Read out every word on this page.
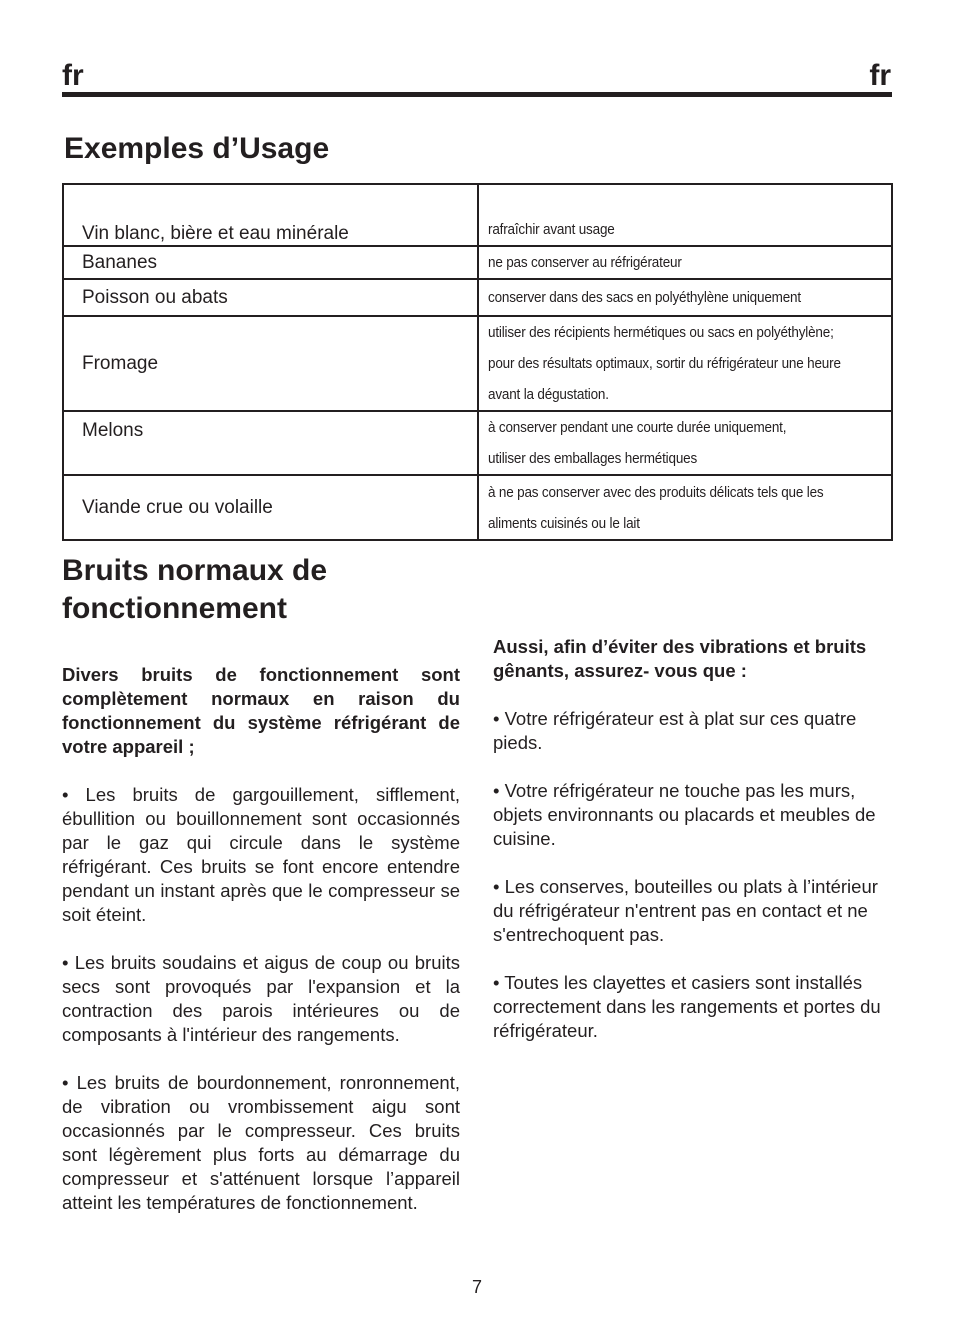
fr	fr
Exemples d’Usage
Vin blanc, bière et eau minérale	rafraîchir avant usage
Bananes	ne pas conserver au réfrigérateur
Poisson ou abats	conserver dans des sacs en polyéthylène uniquement
Fromage	utiliser des récipients hermétiques ou sacs en polyéthylène;
pour des résultats optimaux, sortir du réfrigérateur une heure
avant la dégustation.
Melons	à conserver pendant une courte durée uniquement,
utiliser des emballages hermétiques
Viande crue ou volaille	à ne pas conserver avec des produits délicats tels que les
aliments cuisinés ou le lait
Bruits normaux de fonctionnement

Divers bruits de fonctionnement sont complètement normaux en raison du fonctionnement du système réfrigérant de votre appareil ;

• Les bruits de gargouillement, sifflement, ébullition ou bouillonnement sont occasionnés par le gaz qui circule dans le système réfrigérant. Ces bruits se font encore entendre pendant un instant après que le compresseur se soit éteint.

• Les bruits soudains et aigus de coup ou bruits secs sont provoqués par l'expansion et la contraction des parois intérieures ou de composants à l'intérieur des rangements.

• Les bruits de bourdonnement, ronronnement, de vibration ou vrombissement aigu sont occasionnés par le compresseur. Ces bruits sont légèrement plus forts au démarrage du compresseur et s'atténuent lorsque l’appareil atteint les températures de fonctionnement.

Aussi, afin d’éviter des vibrations et bruits gênants, assurez- vous que :

• Votre réfrigérateur est à plat sur ces quatre pieds.

• Votre réfrigérateur ne touche pas les murs, objets environnants ou placards et meubles de cuisine.

• Les conserves, bouteilles ou plats à l’intérieur du réfrigérateur n'entrent pas en contact et ne s'entrechoquent pas.

• Toutes les clayettes et casiers sont installés correctement dans les rangements et portes du réfrigérateur.

7
